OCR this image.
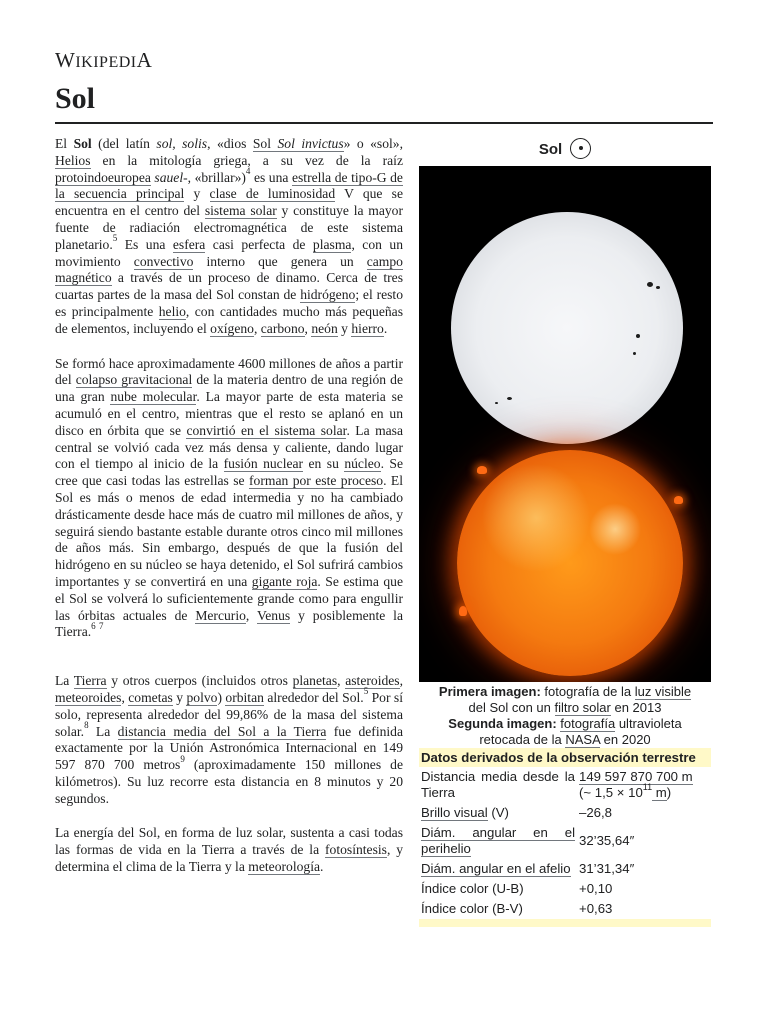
WIKIPEDIA
Sol

El Sol (del latín sol, solis, «dios Sol Sol invictus» o «sol», Helios en la mitología griega, a su vez de la raíz protoindoeuropea sauel-, «brillar»)$^4$ es una estrella de tipo-G de la secuencia principal y clase de luminosidad V que se encuentra en el centro del sistema solar y constituye la mayor fuente de radiación electromagnética de este sistema planetario.$^5$ Es una esfera casi perfecta de plasma, con un movimiento convectivo interno que genera un campo magnético a través de un proceso de dinamo. Cerca de tres cuartas partes de la masa del Sol constan de hidrógeno; el resto es principalmente helio, con cantidades mucho más pequeñas de elementos, incluyendo el oxígeno, carbono, neón y hierro.

Se formó hace aproximadamente 4600 millones de años a partir del colapso gravitacional de la materia dentro de una región de una gran nube molecular. La mayor parte de esta materia se acumuló en el centro, mientras que el resto se aplanó en un disco en órbita que se convirtió en el sistema solar. La masa central se volvió cada vez más densa y caliente, dando lugar con el tiempo al inicio de la fusión nuclear en su núcleo. Se cree que casi todas las estrellas se forman por este proceso. El Sol es más o menos de edad intermedia y no ha cambiado drásticamente desde hace más de cuatro mil millones de años, y seguirá siendo bastante estable durante otros cinco mil millones de años más. Sin embargo, después de que la fusión del hidrógeno en su núcleo se haya detenido, el Sol sufrirá cambios importantes y se convertirá en una gigante roja. Se estima que el Sol se volverá lo suficientemente grande como para engullir las órbitas actuales de Mercurio, Venus y posiblemente la Tierra.$^6$ $^7$

La Tierra y otros cuerpos (incluidos otros planetas, asteroides, meteoroides, cometas y polvo) orbitan alrededor del Sol.$^5$ Por sí solo, representa alrededor del 99,86% de la masa del sistema solar.$^8$ La distancia media del Sol a la Tierra fue definida exactamente por la Unión Astronómica Internacional en 149 597 870 700 metros$^9$ (aproximadamente 150 millones de kilómetros). Su luz recorre esta distancia en 8 minutos y 20 segundos.

La energía del Sol, en forma de luz solar, sustenta a casi todas las formas de vida en la Tierra a través de la fotosíntesis, y determina el clima de la Tierra y la meteorología.

Sol
Primera imagen: fotografía de la luz visible
del Sol con un filtro solar en 2013
Segunda imagen: fotografía ultravioleta
retocada de la NASA en 2020
Datos derivados de la observación terrestre
Distancia media desde la Tierra	149 597 870 700 m
(~ $1,5 \times 10^{11}$ m)
Brillo visual (V)	–26,8
Diám. angular en el perihelio	32’35,64″
Diám. angular en el afelio	31’31,34″
Índice color (U-B)	+0,10
Índice color (B-V)	+0,63
